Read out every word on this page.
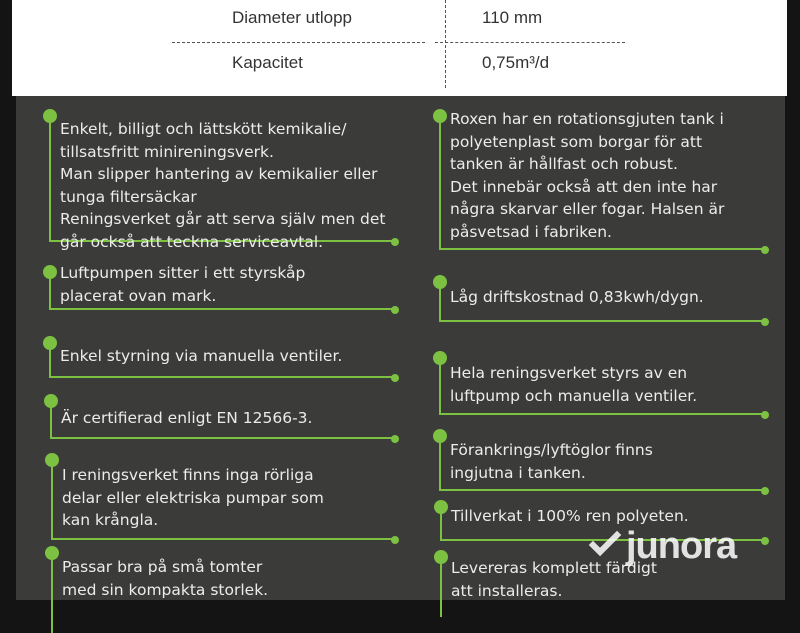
Diameter utlopp	110 mm
Kapacitet	0,75m³/d
Enkelt, billigt och lättskött kemikalie/
tillsatsfritt minireningsverk.
Man slipper hantering av kemikalier eller
tunga filtersäckar
Reningsverket går att serva själv men det
går också att teckna serviceavtal.
Luftpumpen sitter i ett styrskåp
placerat ovan mark.
Enkel styrning via manuella ventiler.
Är certifierad enligt EN 12566-3.
I reningsverket finns inga rörliga
delar eller elektriska pumpar som
kan krångla.
Passar bra på små tomter
med sin kompakta storlek.
Roxen har en rotationsgjuten tank i
polyetenplast som borgar för att
tanken är hållfast och robust.
Det innebär också att den inte har
några skarvar eller fogar. Halsen är
påsvetsad i fabriken.
Låg driftskostnad 0,83kwh/dygn.
Hela reningsverket styrs av en
luftpump och manuella ventiler.
Förankrings/lyftöglor finns
ingjutna i tanken.
Tillverkat i 100% ren polyeten.
Levereras komplett färdigt
att installeras.
junora
